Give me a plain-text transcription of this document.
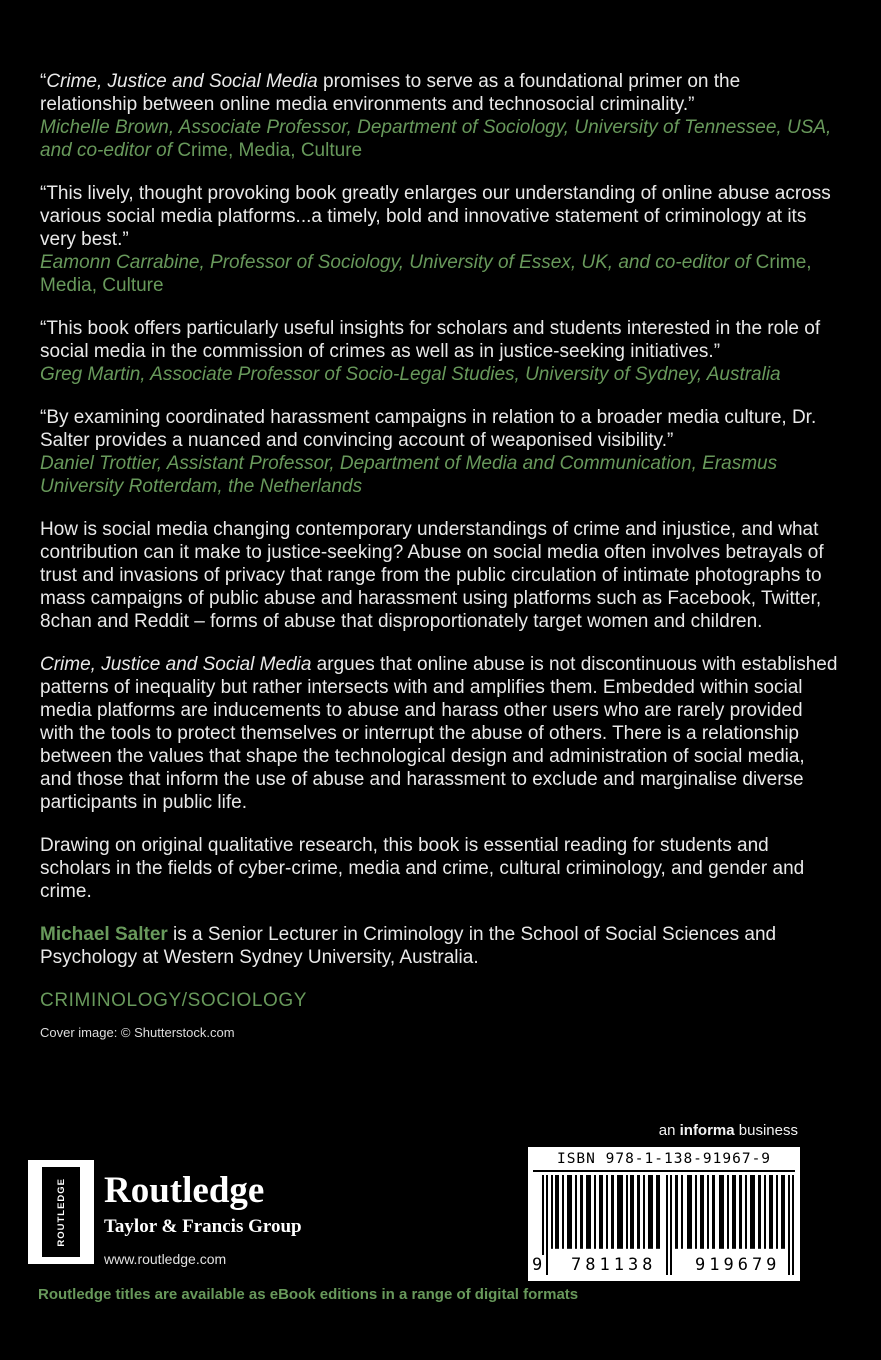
“Crime, Justice and Social Media promises to serve as a foundational primer on the relationship between online media environments and technosocial criminality.”

Michelle Brown, Associate Professor, Department of Sociology, University of Tennessee, USA, and co-editor of Crime, Media, Culture

“This lively, thought provoking book greatly enlarges our understanding of online abuse across various social media platforms...a timely, bold and innovative statement of criminology at its very best.”

Eamonn Carrabine, Professor of Sociology, University of Essex, UK, and co-editor of Crime, Media, Culture

“This book offers particularly useful insights for scholars and students interested in the role of social media in the commission of crimes as well as in justice-seeking initiatives.”

Greg Martin, Associate Professor of Socio-Legal Studies, University of Sydney, Australia

“By examining coordinated harassment campaigns in relation to a broader media culture, Dr. Salter provides a nuanced and convincing account of weaponised visibility.”

Daniel Trottier, Assistant Professor, Department of Media and Communication, Erasmus University Rotterdam, the Netherlands

How is social media changing contemporary understandings of crime and injustice, and what contribution can it make to justice-seeking? Abuse on social media often involves betrayals of trust and invasions of privacy that range from the public circulation of intimate photographs to mass campaigns of public abuse and harassment using platforms such as Facebook, Twitter, 8chan and Reddit – forms of abuse that disproportionately target women and children.

Crime, Justice and Social Media argues that online abuse is not discontinuous with established patterns of inequality but rather intersects with and amplifies them. Embedded within social media platforms are inducements to abuse and harass other users who are rarely provided with the tools to protect themselves or interrupt the abuse of others. There is a relationship between the values that shape the technological design and administration of social media, and those that inform the use of abuse and harassment to exclude and marginalise diverse participants in public life.

Drawing on original qualitative research, this book is essential reading for students and scholars in the fields of cyber-crime, media and crime, cultural criminology, and gender and crime.

Michael Salter is a Senior Lecturer in Criminology in the School of Social Sciences and Psychology at Western Sydney University, Australia.

CRIMINOLOGY/SOCIOLOGY

Cover image: © Shutterstock.com

an informa business
ROUTLEDGE Routledge
Taylor & Francis Group
www.routledge.com
ISBN 978-1-138-91967-9
9 781138 919679
Routledge titles are available as eBook editions in a range of digital formats
